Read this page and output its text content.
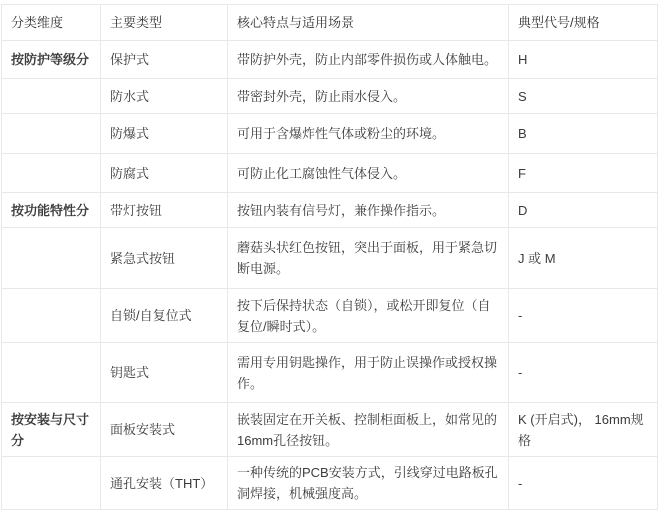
分类维度	主要类型	核心特点与适用场景	典型代号/规格
按防护等级分	保护式	带防护外壳，防止内部零件损伤或人体触电。	H
	防水式	带密封外壳，防止雨水侵入。	S
	防爆式	可用于含爆炸性气体或粉尘的环境。	B
	防腐式	可防止化工腐蚀性气体侵入。	F
按功能特性分	带灯按钮	按钮内装有信号灯，兼作操作指示。	D
	紧急式按钮	蘑菇头状红色按钮，突出于面板，用于紧急切断电源。	J 或 M
	自锁/自复位式	按下后保持状态（自锁），或松开即复位（自复位/瞬时式）。	-
	钥匙式	需用专用钥匙操作，用于防止误操作或授权操作。	-
按安装与尺寸分	面板安装式	嵌装固定在开关板、控制柜面板上，如常见的16mm孔径按钮。	K (开启式)， 16mm规格
	通孔安装（THT）	一种传统的PCB安装方式，引线穿过电路板孔洞焊接，机械强度高。	-
